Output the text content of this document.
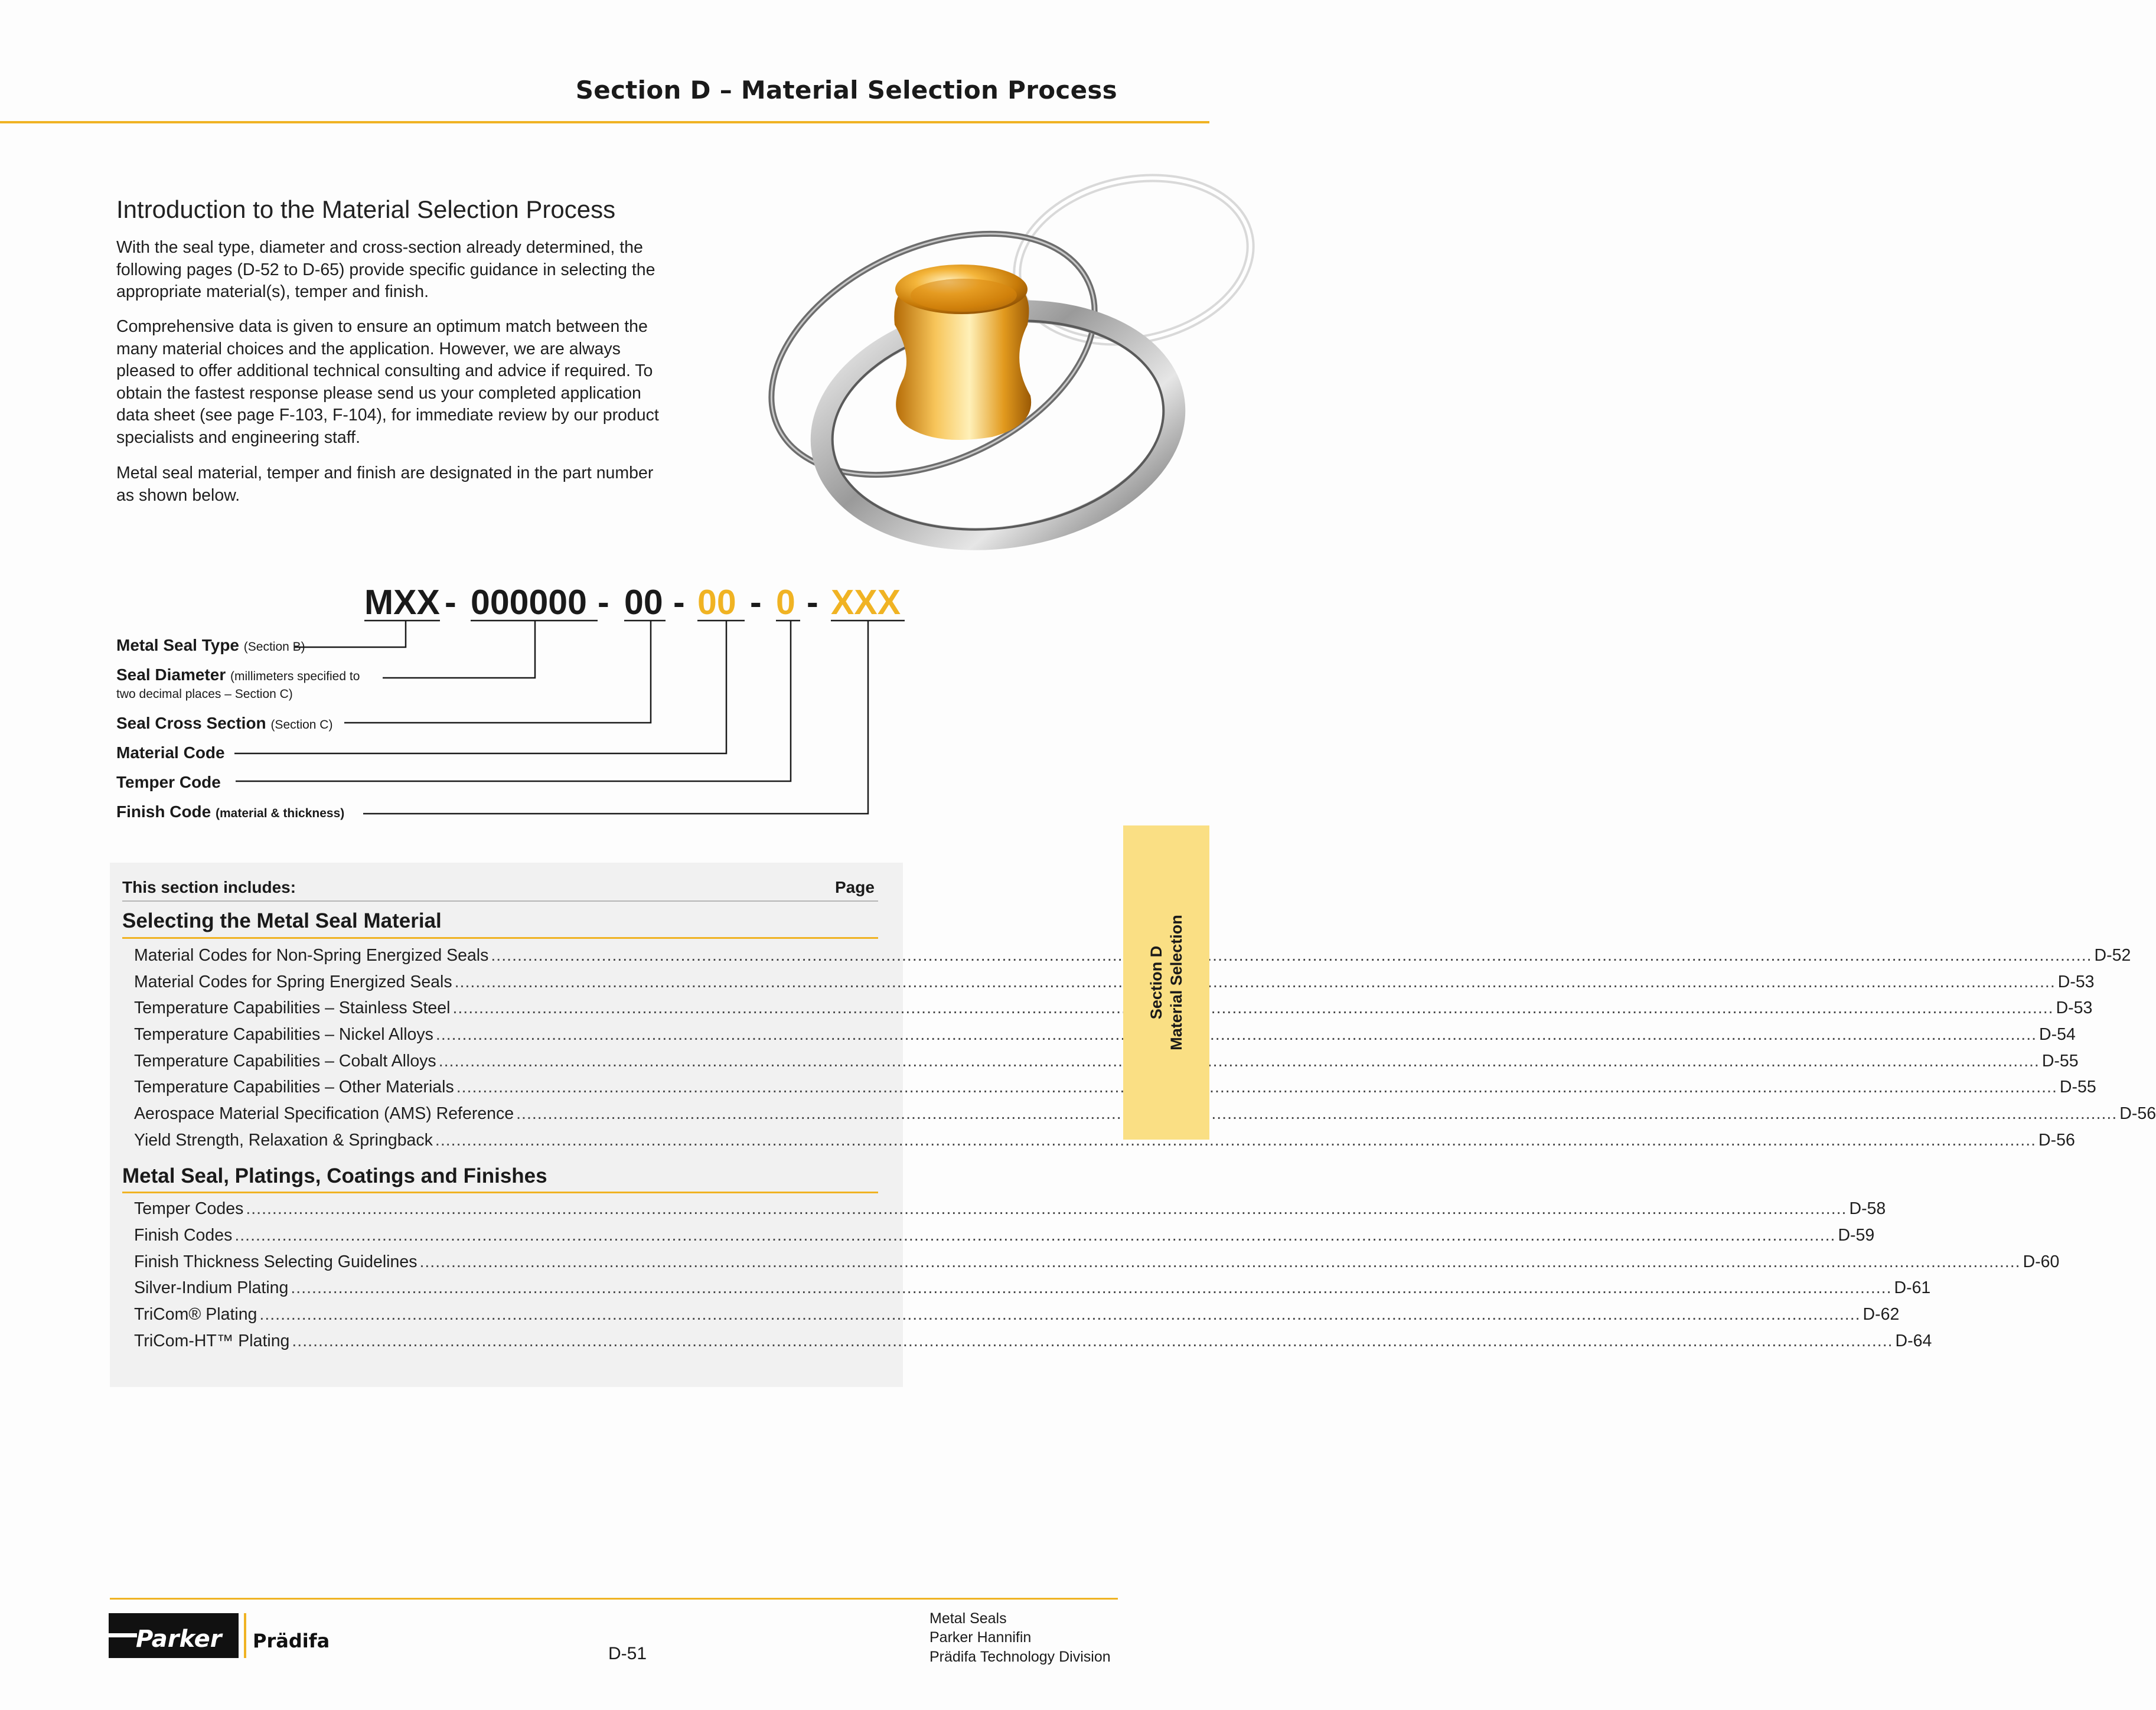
Section D – Material Selection Process
Introduction to the Material Selection Process
With the seal type, diameter and cross-section already determined, the
following pages (D-52 to D-65) provide specific guidance in selecting the
appropriate material(s), temper and finish.
Comprehensive data is given to ensure an optimum match between the
many material choices and the application. However, we are always
pleased to offer additional technical consulting and advice if required. To
obtain the fastest response please send us your completed application
data sheet (see page F-103, F-104), for immediate review by our product
specialists and engineering staff.
Metal seal material, temper and finish are designated in the part number
as shown below.
MXX - 000000 - 00 - 00 - 0 - XXX
Metal Seal Type (Section B)
Seal Diameter (millimeters specified to
two decimal places – Section C)
Seal Cross Section (Section C)
Material Code
Temper Code
Finish Code (material & thickness)
This section includes:	Page
Selecting the Metal Seal Material
Material Codes for Non-Spring Energized Seals .....	D-52
Material Codes for Spring Energized Seals .....	D-53
Temperature Capabilities – Stainless Steel .....	D-53
Temperature Capabilities – Nickel Alloys .....	D-54
Temperature Capabilities – Cobalt Alloys .....	D-55
Temperature Capabilities – Other Materials .....	D-55
Aerospace Material Specification (AMS) Reference .....	D-56
Yield Strength, Relaxation & Springback .....	D-56
Metal Seal, Platings, Coatings and Finishes
Temper Codes .....	D-58
Finish Codes .....	D-59
Finish Thickness Selecting Guidelines .....	D-60
Silver-Indium Plating .....	D-61
TriCom® Plating .....	D-62
TriCom-HT™ Plating .....	D-64
Section D Material Selection
Parker Prädifa
D-51
Metal Seals
Parker Hannifin
Prädifa Technology Division
